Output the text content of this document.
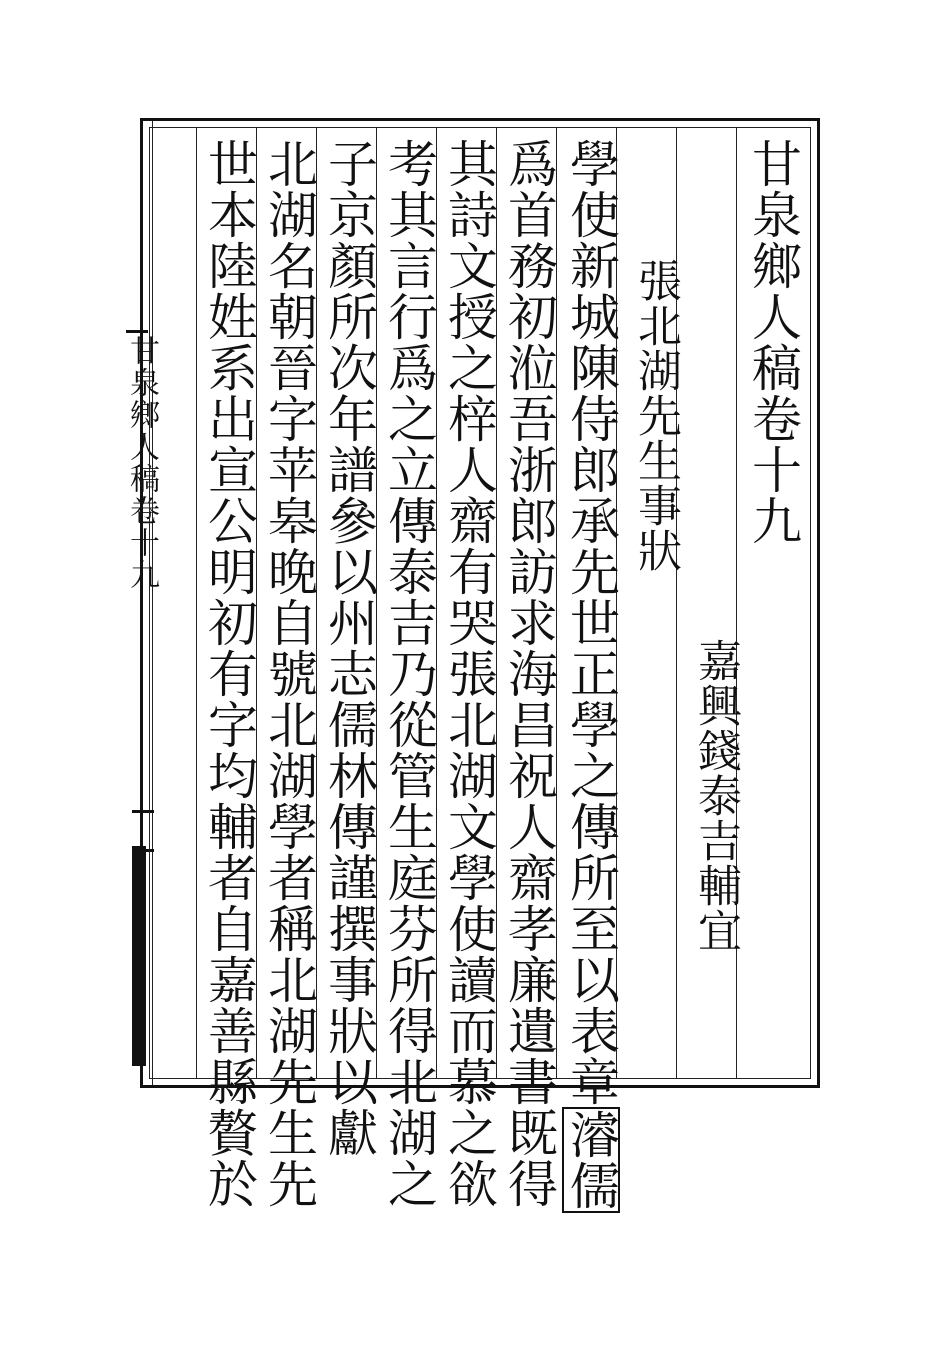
甘泉鄉人稿卷十九	甘泉鄉人稿卷十九
嘉興錢泰吉輔宜
張北湖先生事狀
學使新城陳侍郎承先世正學之傳所至以表章濬儒
爲首務初涖吾浙郎訪求海昌祝人齋孝廉遺書既得
其詩文授之梓人齋有哭張北湖文學使讀而慕之欲
考其言行爲之立傳泰吉乃從管生庭芬所得北湖之
子京顏所次年譜參以州志儒林傳謹撰事狀以獻
北湖名朝晉字苹皋晚自號北湖學者稱北湖先生先
世本陸姓系出宣公明初有字均輔者自嘉善縣贅於
